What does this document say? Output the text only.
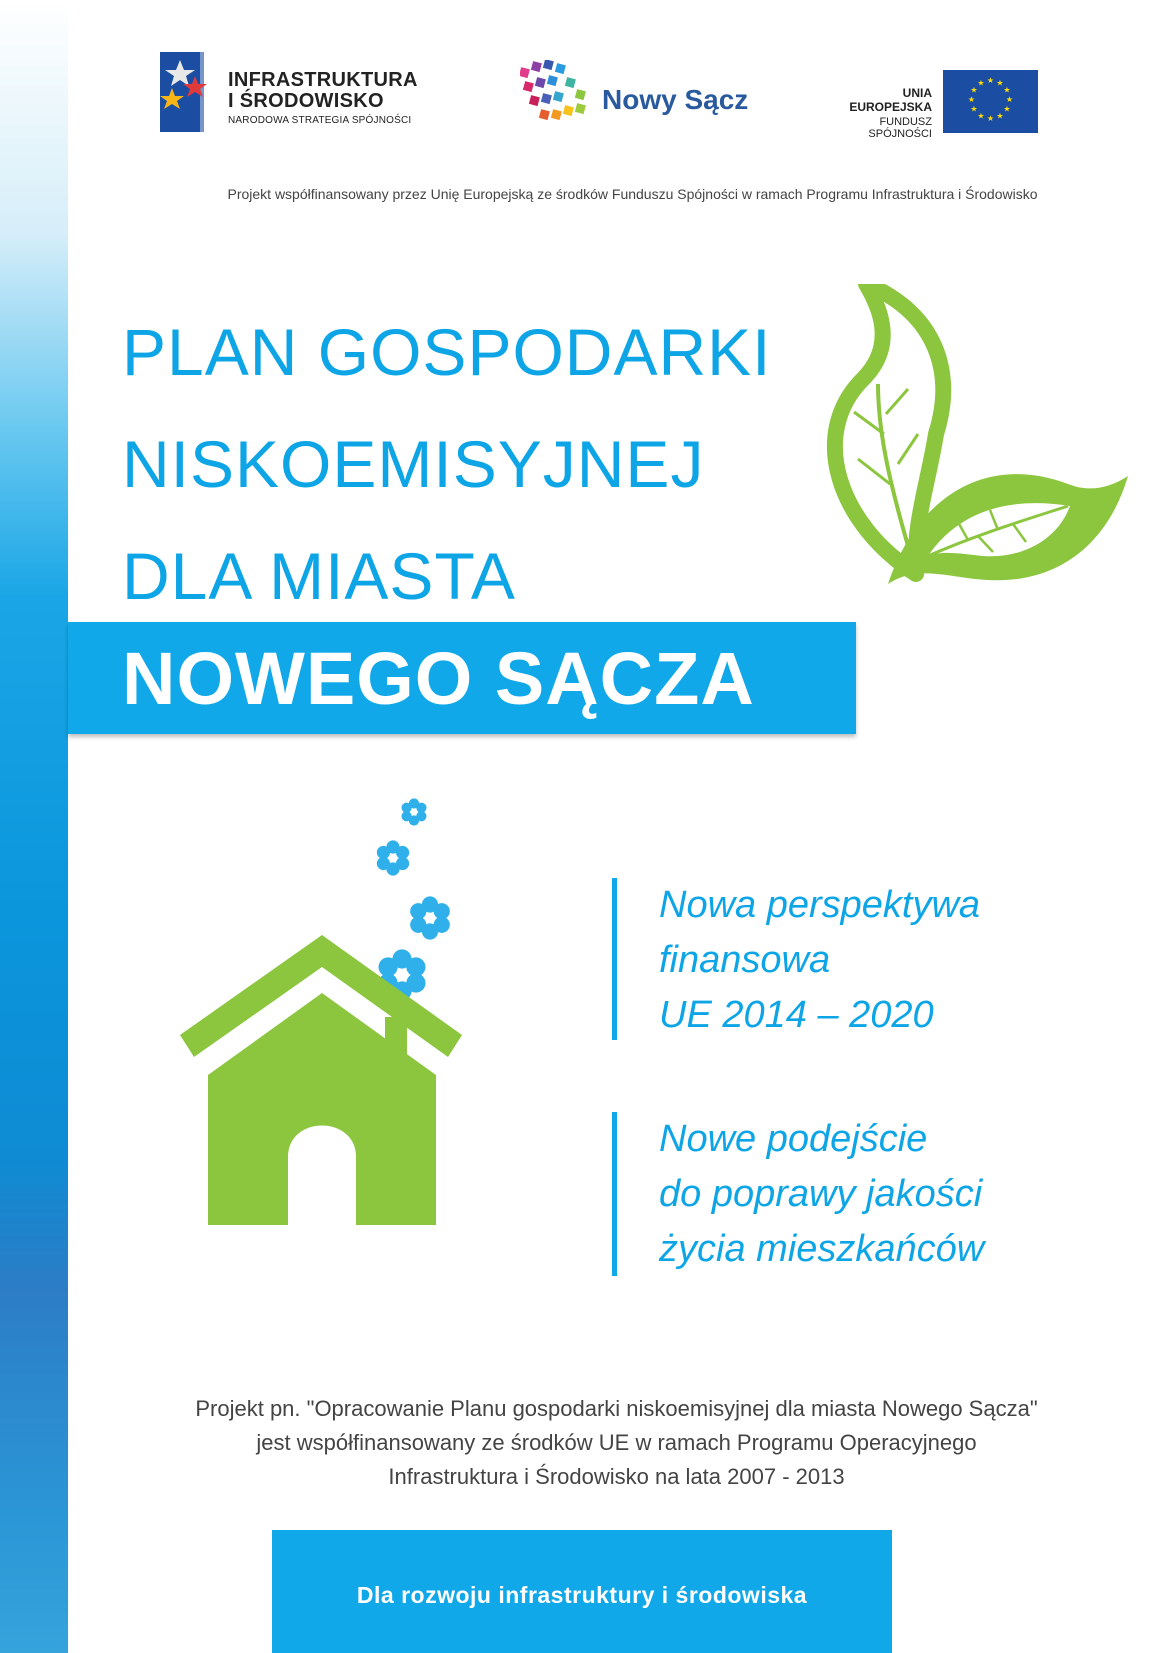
INFRASTRUKTURA
I ŚRODOWISKO
NARODOWA STRATEGIA SPÓJNOŚCI
Nowy Sącz	UNIA EUROPEJSKA
FUNDUSZ SPÓJNOŚCI
★ ★
★
★
★
★
★
★
★
★
★
★
Projekt współfinansowany przez Unię Europejską ze środków Funduszu Spójności w ramach Programu Infrastruktura i Środowisko
PLAN GOSPODARKI
NISKOEMISYJNEJ
DLA MIASTA
NOWEGO SĄCZA
Nowa perspektywa
finansowa
UE 2014 – 2020
Nowe podejście
do poprawy jakości
życia mieszkańców
Projekt pn. "Opracowanie Planu gospodarki niskoemisyjnej dla miasta Nowego Sącza"
jest współfinansowany ze środków UE w ramach Programu Operacyjnego
Infrastruktura i Środowisko na lata 2007 - 2013
Dla rozwoju infrastruktury i środowiska
